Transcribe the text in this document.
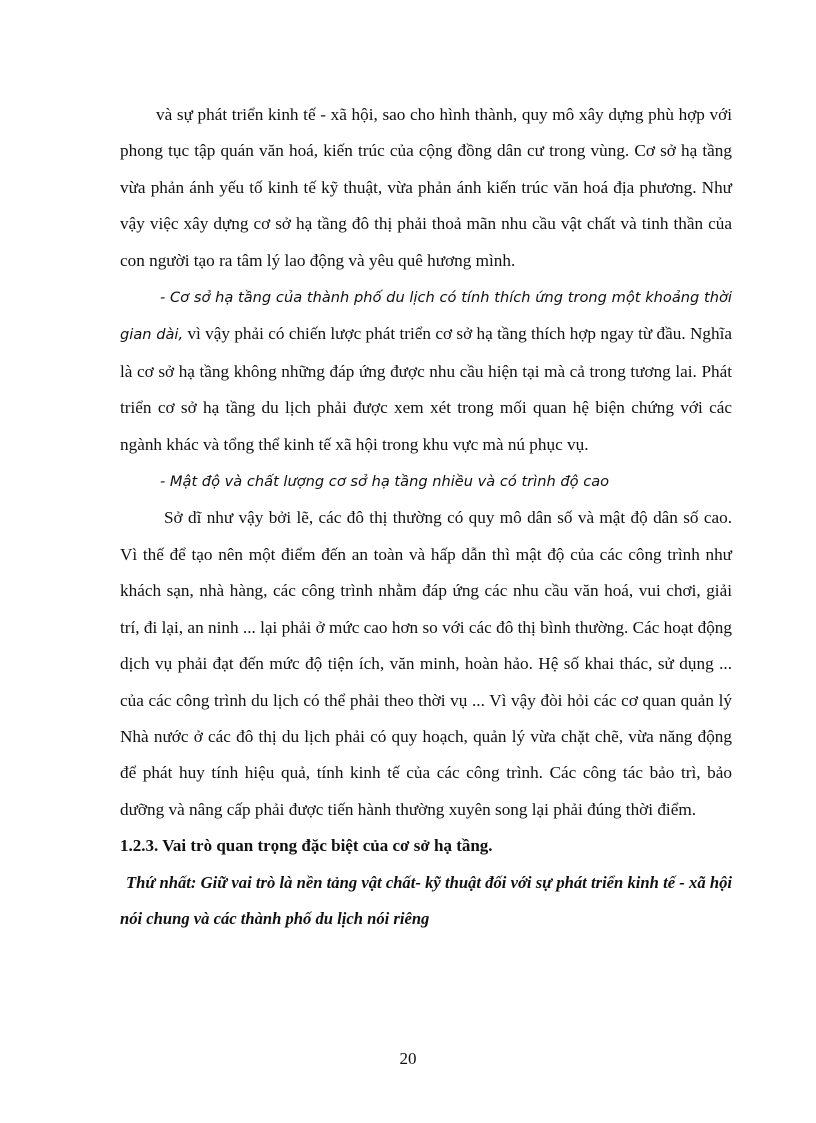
và sự phát triển kinh tế - xã hội, sao cho hình thành, quy mô xây dựng phù hợp với phong tục tập quán văn hoá, kiến trúc của cộng đồng dân cư trong vùng. Cơ sở hạ tầng vừa phản ánh yếu tố kinh tế kỹ thuật, vừa phản ánh kiến trúc văn hoá địa phương. Như vậy việc xây dựng cơ sở hạ tầng đô thị phải thoả mãn nhu cầu vật chất và tinh thần của con người tạo ra tâm lý lao động và yêu quê hương mình.

- Cơ sở hạ tầng của thành phố du lịch có tính thích ứng trong một khoảng thời gian dài, vì vậy phải có chiến lược phát triển cơ sở hạ tầng thích hợp ngay từ đầu. Nghĩa là cơ sở hạ tầng không những đáp ứng được nhu cầu hiện tại mà cả trong tương lai. Phát triển cơ sở hạ tầng du lịch phải được xem xét trong mối quan hệ biện chứng với các ngành khác và tổng thể kinh tế xã hội trong khu vực mà nú phục vụ.

- Mật độ và chất lượng cơ sở hạ tầng nhiều và có trình độ cao

Sở dĩ như vậy bởi lẽ, các đô thị thường có quy mô dân số và mật độ dân số cao. Vì thế để tạo nên một điểm đến an toàn và hấp dẫn thì mật độ của các công trình như khách sạn, nhà hàng, các công trình nhằm đáp ứng các nhu cầu văn hoá, vui chơi, giải trí, đi lại, an ninh ... lại phải ở mức cao hơn so với các đô thị bình thường. Các hoạt động dịch vụ phải đạt đến mức độ tiện ích, văn minh, hoàn hảo. Hệ số khai thác, sử dụng ... của các công trình du lịch có thể phải theo thời vụ ... Vì vậy đòi hỏi các cơ quan quản lý Nhà nước ở các đô thị du lịch phải có quy hoạch, quản lý vừa chặt chẽ, vừa năng động để phát huy tính hiệu quả, tính kinh tế của các công trình. Các công tác bảo trì, bảo dưỡng và nâng cấp phải được tiến hành thường xuyên song lại phải đúng thời điểm.

1.2.3. Vai trò quan trọng đặc biệt của cơ sở hạ tầng.

Thứ nhất: Giữ vai trò là nền tảng vật chất- kỹ thuật đối với sự phát triển kinh tế - xã hội nói chung và các thành phố du lịch nói riêng

20
